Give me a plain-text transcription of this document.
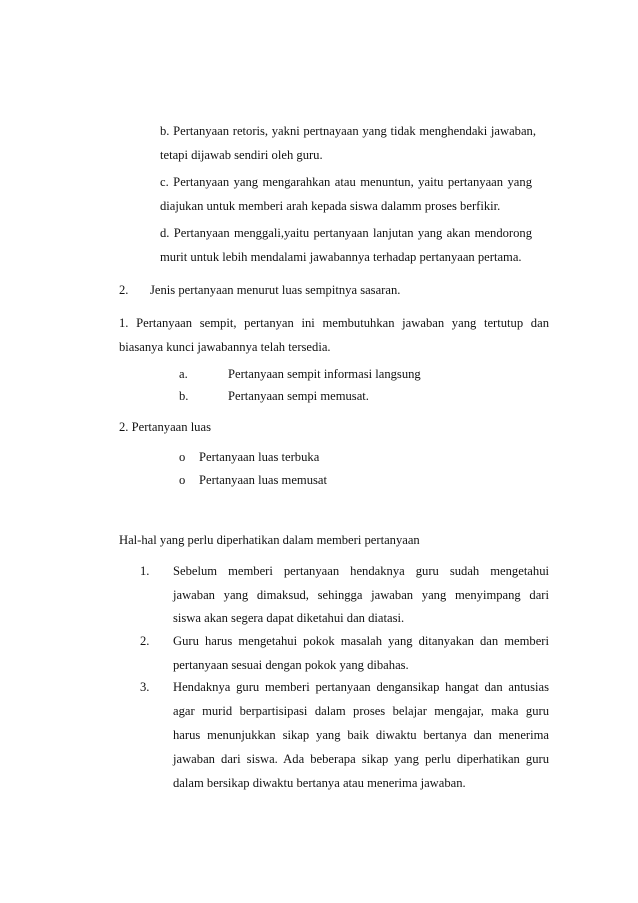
b. Pertanyaan retoris, yakni pertnayaan yang tidak menghendaki jawaban,
tetapi dijawab sendiri oleh guru.
c. Pertanyaan yang mengarahkan atau menuntun, yaitu pertanyaan yang
diajukan untuk memberi arah kepada siswa dalamm proses berfikir.
d. Pertanyaan menggali,yaitu pertanyaan lanjutan yang akan mendorong
murit untuk lebih mendalami jawabannya terhadap pertanyaan pertama.
2. Jenis pertanyaan menurut luas sempitnya sasaran.
1. Pertanyaan sempit, pertanyan ini membutuhkan jawaban yang tertutup dan
biasanya kunci jawabannya telah tersedia.
a.	Pertanyaan sempit informasi langsung
b.	Pertanyaan sempi memusat.
2. Pertanyaan luas
o Pertanyaan luas terbuka
o Pertanyaan luas memusat
Hal-hal yang perlu diperhatikan dalam memberi pertanyaan
1. Sebelum memberi pertanyaan hendaknya guru sudah mengetahui
jawaban yang dimaksud, sehingga jawaban yang menyimpang dari
siswa akan segera dapat diketahui dan diatasi.
2. Guru harus mengetahui pokok masalah yang ditanyakan dan memberi
pertanyaan sesuai dengan pokok yang dibahas.
3. Hendaknya guru memberi pertanyaan dengansikap hangat dan antusias
agar murid berpartisipasi dalam proses belajar mengajar, maka guru
harus menunjukkan sikap yang baik diwaktu bertanya dan menerima
jawaban dari siswa. Ada beberapa sikap yang perlu diperhatikan guru
dalam bersikap diwaktu bertanya atau menerima jawaban.
